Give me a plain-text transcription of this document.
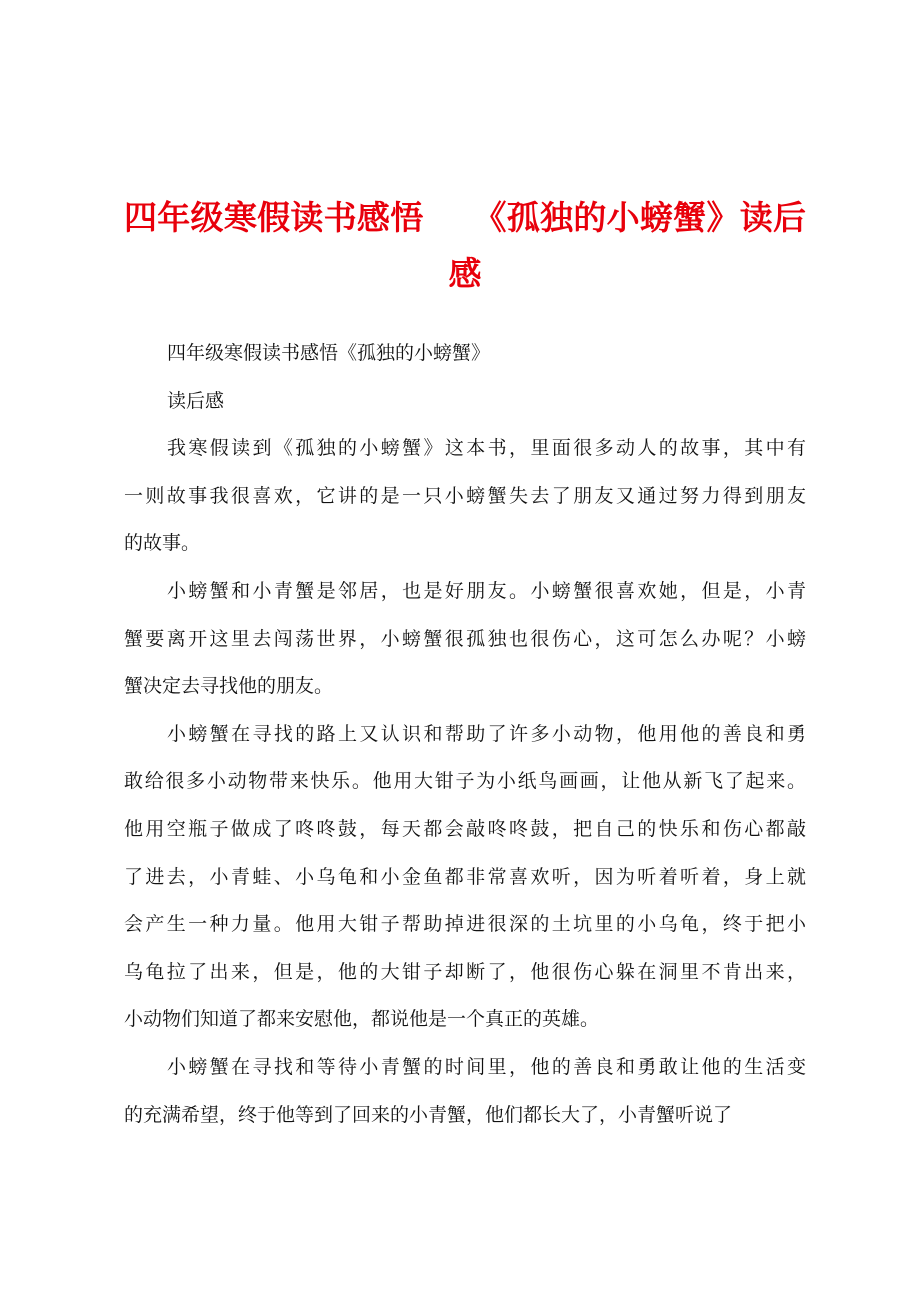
四年级寒假读书感悟　　《孤独的小螃蟹》读后
感
四年级寒假读书感悟《孤独的小螃蟹》
读后感
我寒假读到《孤独的小螃蟹》这本书，里面很多动人的故事，其中有
一则故事我很喜欢，它讲的是一只小螃蟹失去了朋友又通过努力得到朋友
的故事。
小螃蟹和小青蟹是邻居，也是好朋友。小螃蟹很喜欢她，但是，小青
蟹要离开这里去闯荡世界，小螃蟹很孤独也很伤心，这可怎么办呢？小螃
蟹决定去寻找他的朋友。
小螃蟹在寻找的路上又认识和帮助了许多小动物，他用他的善良和勇
敢给很多小动物带来快乐。他用大钳子为小纸鸟画画，让他从新飞了起来。
他用空瓶子做成了咚咚鼓，每天都会敲咚咚鼓，把自己的快乐和伤心都敲
了进去，小青蛙、小乌龟和小金鱼都非常喜欢听，因为听着听着，身上就
会产生一种力量。他用大钳子帮助掉进很深的土坑里的小乌龟，终于把小
乌龟拉了出来，但是，他的大钳子却断了，他很伤心躲在洞里不肯出来，
小动物们知道了都来安慰他，都说他是一个真正的英雄。
小螃蟹在寻找和等待小青蟹的时间里，他的善良和勇敢让他的生活变
的充满希望，终于他等到了回来的小青蟹，他们都长大了，小青蟹听说了
